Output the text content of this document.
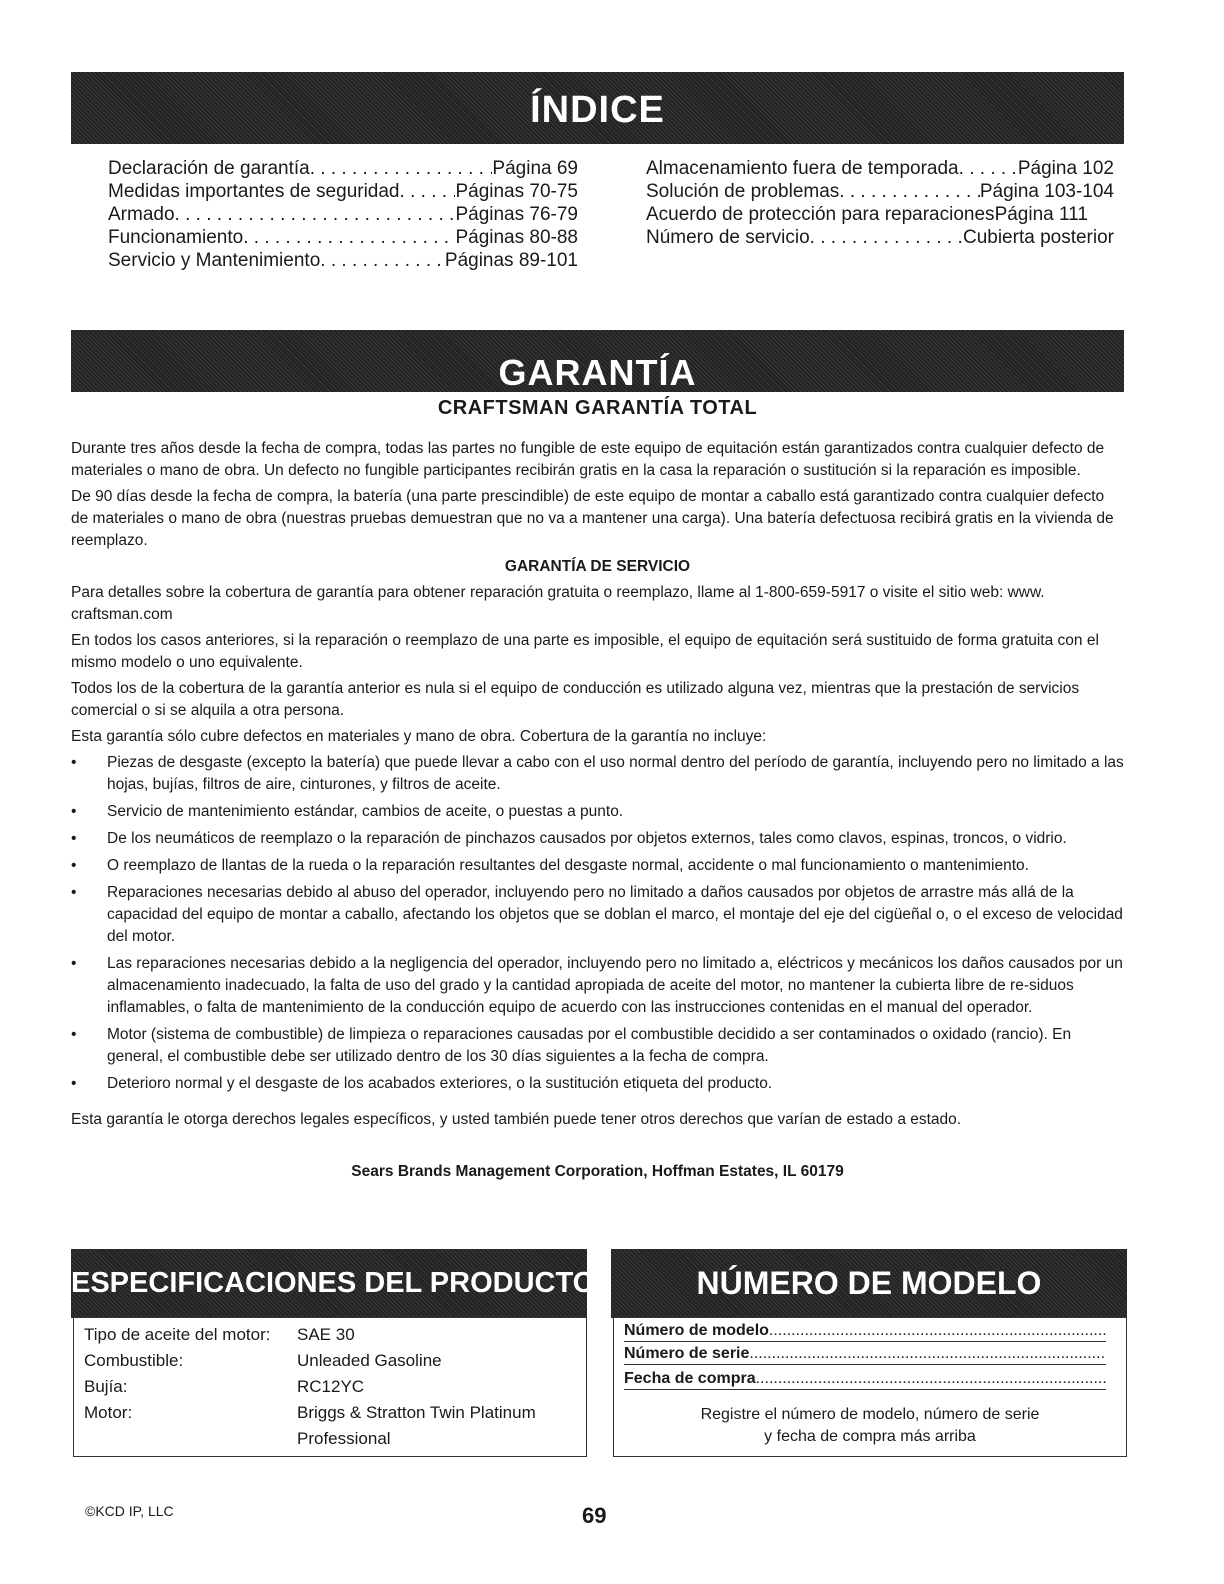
ÍNDICE
Declaración de garantía . . .	Página 69
Medidas importantes de seguridad . . .	Páginas 70-75
Armado . . .	Páginas 76-79
Funcionamiento . . .	Páginas 80-88
Servicio y Mantenimiento . . .	Páginas 89-101
Almacenamiento fuera de temporada . . .	Página 102
Solución de problemas . . .	Página 103-104
Acuerdo de protección para reparaciones Página 111
Número de servicio . . .	Cubierta posterior
GARANTÍA
CRAFTSMAN GARANTÍA TOTAL

Durante tres años desde la fecha de compra, todas las partes no fungible de este equipo de equitación están garantizados contra cualquier defecto de materiales o mano de obra. Un defecto no fungible participantes recibirán gratis en la casa la reparación o sustitución si la reparación es imposible.

De 90 días desde la fecha de compra, la batería (una parte prescindible) de este equipo de montar a caballo está garantizado contra cualquier defecto de materiales o mano de obra (nuestras pruebas demuestran que no va a mantener una carga). Una batería defectuosa recibirá gratis en la vivienda de reemplazo.

GARANTÍA DE SERVICIO

Para detalles sobre la cobertura de garantía para obtener reparación gratuita o reemplazo, llame al 1-800-659-5917 o visite el sitio web: www. craftsman.com

En todos los casos anteriores, si la reparación o reemplazo de una parte es imposible, el equipo de equitación será sustituido de forma gratuita con el mismo modelo o uno equivalente.

Todos los de la cobertura de la garantía anterior es nula si el equipo de conducción es utilizado alguna vez, mientras que la prestación de servicios comercial o si se alquila a otra persona.

Esta garantía sólo cubre defectos en materiales y mano de obra. Cobertura de la garantía no incluye:

• Piezas de desgaste (excepto la batería) que puede llevar a cabo con el uso normal dentro del período de garantía, incluyendo pero no limitado a las hojas, bujías, filtros de aire, cinturones, y filtros de aceite.
• Servicio de mantenimiento estándar, cambios de aceite, o puestas a punto.
• De los neumáticos de reemplazo o la reparación de pinchazos causados por objetos externos, tales como clavos, espinas, troncos, o vidrio.
• O reemplazo de llantas de la rueda o la reparación resultantes del desgaste normal, accidente o mal funcionamiento o mantenimiento.
• Reparaciones necesarias debido al abuso del operador, incluyendo pero no limitado a daños causados por objetos de arrastre más allá de la capacidad del equipo de montar a caballo, afectando los objetos que se doblan el marco, el montaje del eje del cigüeñal o, o el exceso de velocidad del motor.
• Las reparaciones necesarias debido a la negligencia del operador, incluyendo pero no limitado a, eléctricos y mecánicos los daños causados por un almacenamiento inadecuado, la falta de uso del grado y la cantidad apropiada de aceite del motor, no mantener la cubierta libre de re-siduos inflamables, o falta de mantenimiento de la conducción equipo de acuerdo con las instrucciones contenidas en el manual del operador.
• Motor (sistema de combustible) de limpieza o reparaciones causadas por el combustible decidido a ser contaminados o oxidado (rancio). En general, el combustible debe ser utilizado dentro de los 30 días siguientes a la fecha de compra.
• Deterioro normal y el desgaste de los acabados exteriores, o la sustitución etiqueta del producto.

Esta garantía le otorga derechos legales específicos, y usted también puede tener otros derechos que varían de estado a estado.

Sears Brands Management Corporation, Hoffman Estates, IL 60179

ESPECIFICACIONES DEL PRODUCTO
Tipo de aceite del motor:	SAE 30
Combustible:	Unleaded Gasoline
Bujía:	RC12YC
Motor:	Briggs & Stratton Twin Platinum Professional
NÚMERO DE MODELO
Número de modelo
.....
Número de serie
.....
Fecha de compra
.....
Registre el número de modelo, número de serie
y fecha de compra más arriba
©KCD IP, LLC	69
